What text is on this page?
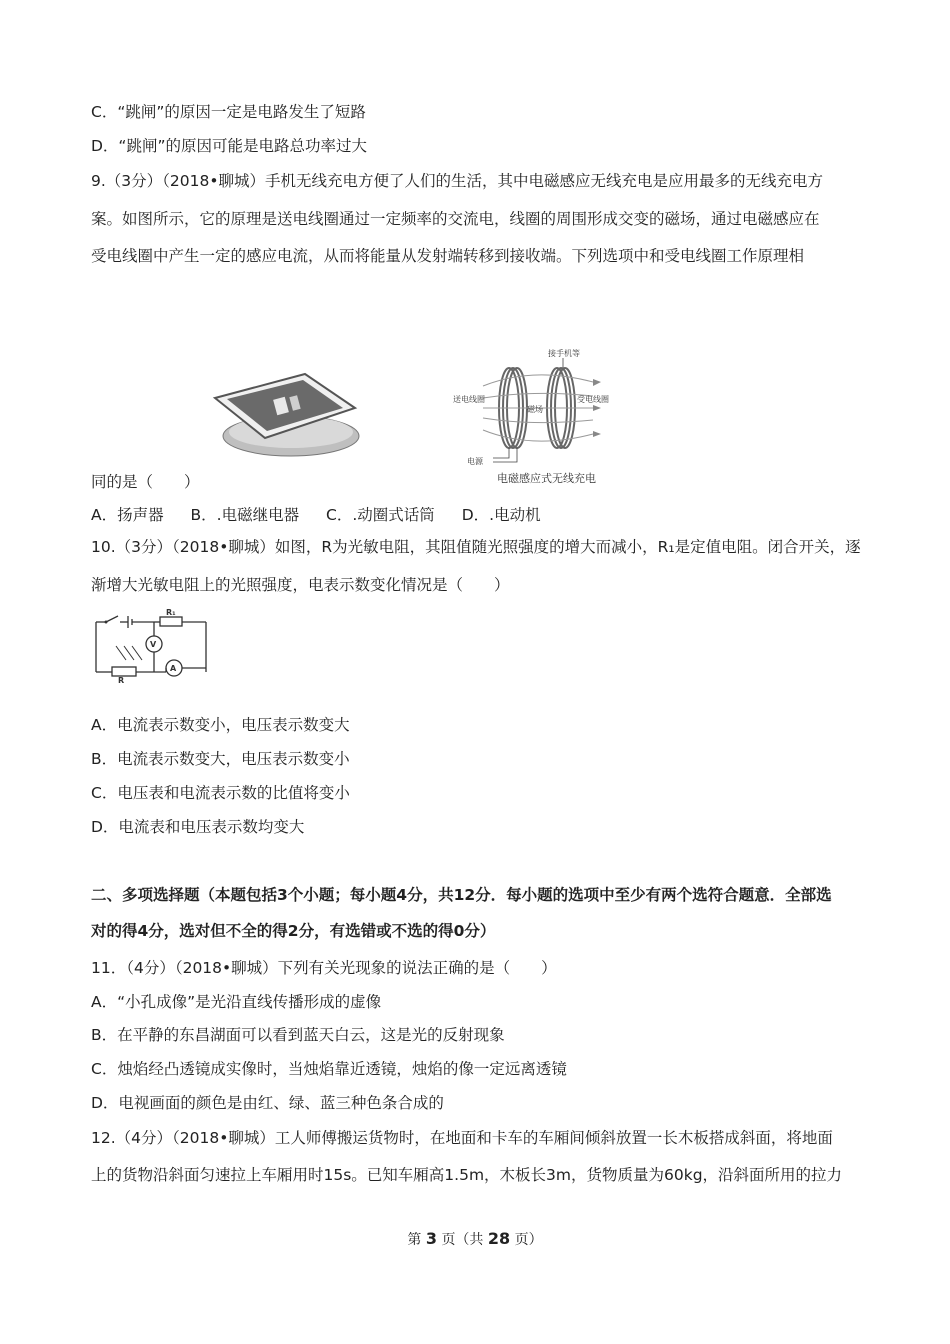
C．“跳闸”的原因一定是电路发生了短路
D．“跳闸”的原因可能是电路总功率过大
9.（3分）（2018•聊城）手机无线充电方便了人们的生活，其中电磁感应无线充电是应用最多的无线充电方
案。如图所示，它的原理是送电线圈通过一定频率的交流电，线圈的周围形成交变的磁场，通过电磁感应在
受电线圈中产生一定的感应电流，从而将能量从发射端转移到接收端。下列选项中和受电线圈工作原理相
接手机等
送电线圈
磁场
受电线圈
电源
电磁感应式无线充电
同的是（　　）
A．扬声器 B．.电磁继电器 C．.动圈式话筒 D．.电动机
10.（3分）（2018•聊城）如图，R为光敏电阻，其阻值随光照强度的增大而减小，R₁是定值电阻。闭合开关，逐
渐增大光敏电阻上的光照强度，电表示数变化情况是（　　）
R₁
V
A
R
A．电流表示数变小，电压表示数变大
B．电流表示数变大，电压表示数变小
C．电压表和电流表示数的比值将变小
D．电流表和电压表示数均变大
二、多项选择题（本题包括3个小题；每小题4分，共12分．每小题的选项中至少有两个选符合题意．全部选
对的得4分，选对但不全的得2分，有选错或不选的得0分）
11．（4分）（2018•聊城）下列有关光现象的说法正确的是（　　）
A．“小孔成像”是光沿直线传播形成的虚像
B．在平静的东昌湖面可以看到蓝天白云，这是光的反射现象
C．烛焰经凸透镜成实像时，当烛焰靠近透镜，烛焰的像一定远离透镜
D．电视画面的颜色是由红、绿、蓝三种色条合成的
12.（4分）（2018•聊城）工人师傅搬运货物时，在地面和卡车的车厢间倾斜放置一长木板搭成斜面，将地面
上的货物沿斜面匀速拉上车厢用时15s。已知车厢高1.5m，木板长3m，货物质量为60kg，沿斜面所用的拉力
第 3 页（共 28 页）
